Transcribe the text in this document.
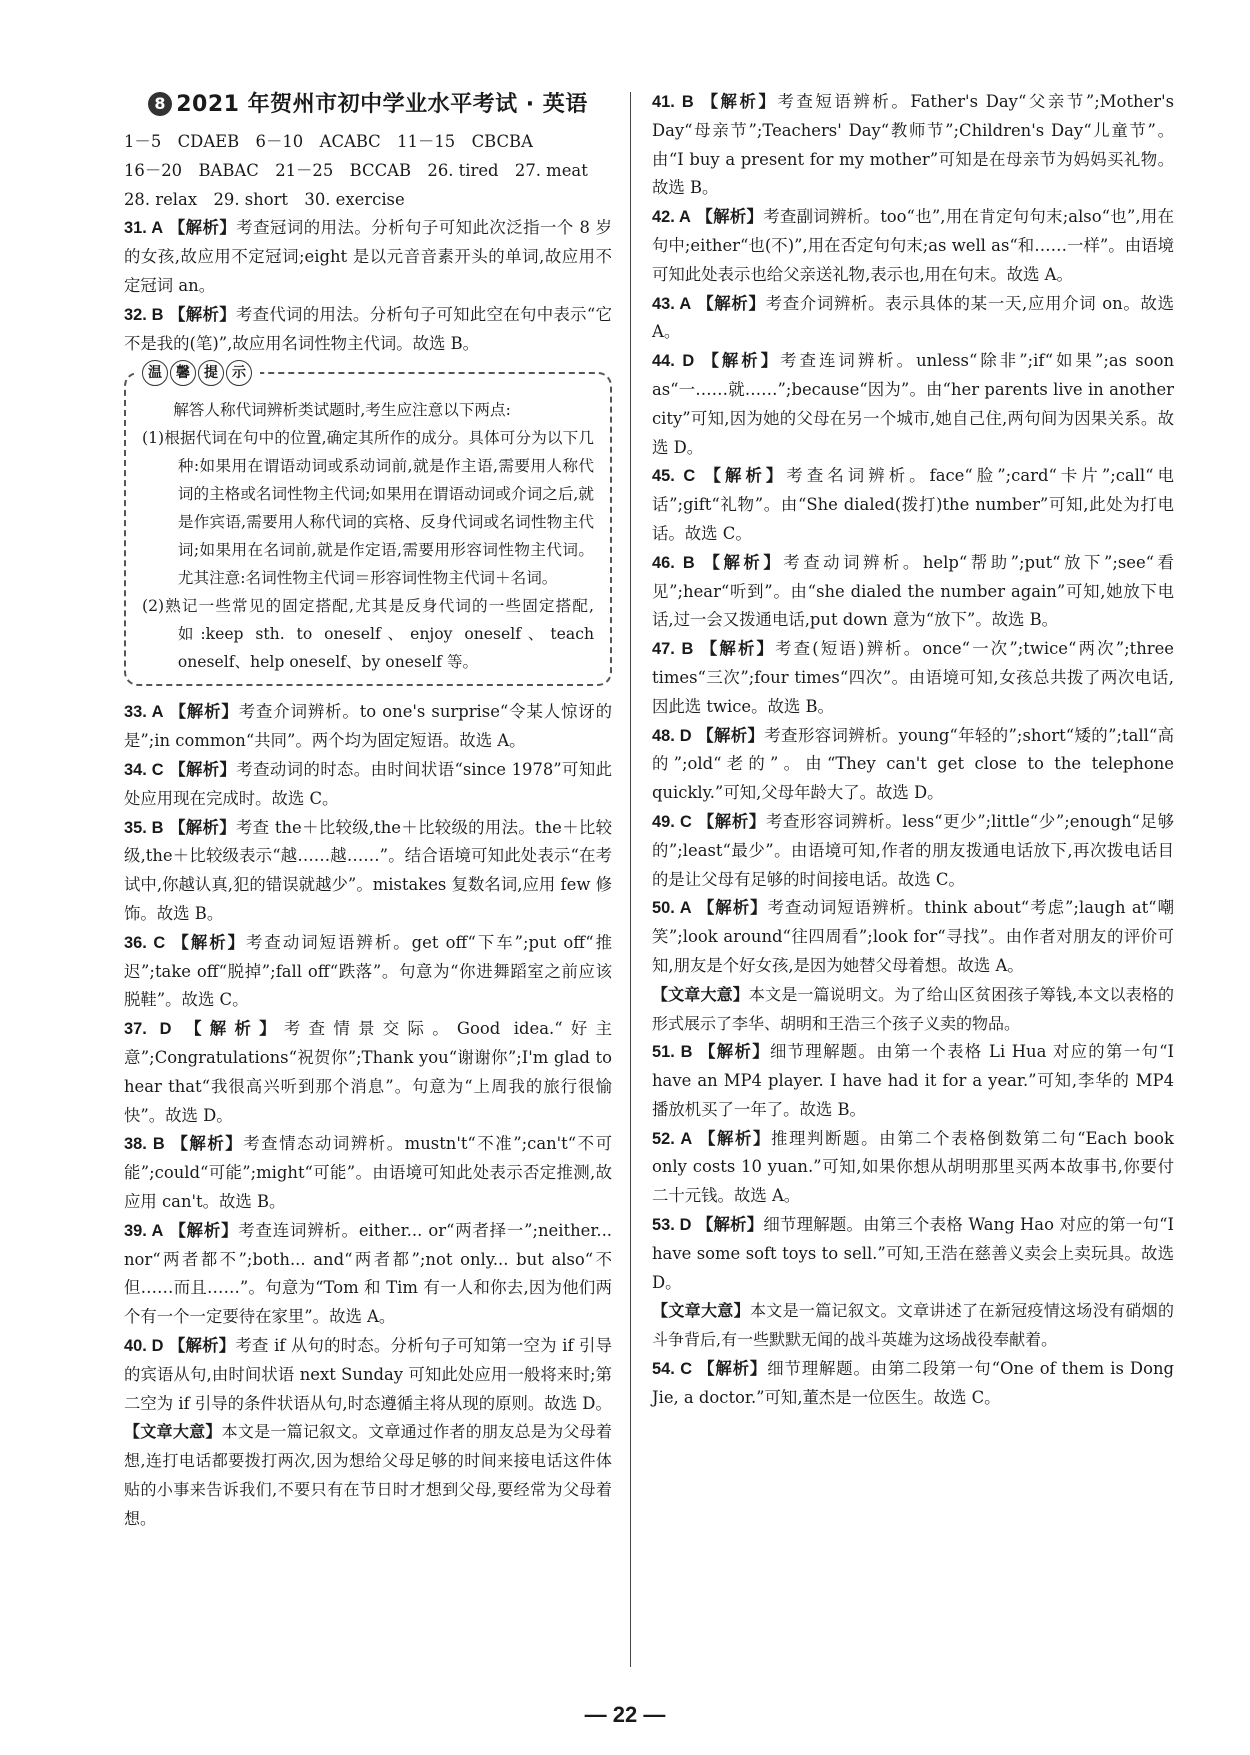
8 2021 年贺州市初中学业水平考试 · 英语

1－5　CDAEB　6－10　ACABC　11－15　CBCBA

16－20　BABAC　21－25　BCCAB　26. tired　27. meat

28. relax　29. short　30. exercise

31. A 【解析】考查冠词的用法。分析句子可知此次泛指一个 8 岁的女孩,故应用不定冠词;eight 是以元音音素开头的单词,故应用不定冠词 an。

32. B 【解析】考查代词的用法。分析句子可知此空在句中表示“它不是我的(笔)”,故应用名词性物主代词。故选 B。

温 馨 提 示

解答人称代词辨析类试题时,考生应注意以下两点:

(1)根据代词在句中的位置,确定其所作的成分。具体可分为以下几种:如果用在谓语动词或系动词前,就是作主语,需要用人称代词的主格或名词性物主代词;如果用在谓语动词或介词之后,就是作宾语,需要用人称代词的宾格、反身代词或名词性物主代词;如果用在名词前,就是作定语,需要用形容词性物主代词。尤其注意:名词性物主代词＝形容词性物主代词＋名词。

(2)熟记一些常见的固定搭配,尤其是反身代词的一些固定搭配,如:keep sth. to oneself、enjoy oneself、teach oneself、help oneself、by oneself 等。

33. A 【解析】考查介词辨析。to one's surprise“令某人惊讶的是”;in common“共同”。两个均为固定短语。故选 A。

34. C 【解析】考查动词的时态。由时间状语“since 1978”可知此处应用现在完成时。故选 C。

35. B 【解析】考查 the＋比较级,the＋比较级的用法。the＋比较级,the＋比较级表示“越……越……”。结合语境可知此处表示“在考试中,你越认真,犯的错误就越少”。mistakes 复数名词,应用 few 修饰。故选 B。

36. C 【解析】考查动词短语辨析。get off“下车”;put off“推迟”;take off“脱掉”;fall off“跌落”。句意为“你进舞蹈室之前应该脱鞋”。故选 C。

37. D 【解析】考查情景交际。Good idea.“好主意”;Congratulations“祝贺你”;Thank you“谢谢你”;I'm glad to hear that“我很高兴听到那个消息”。句意为“上周我的旅行很愉快”。故选 D。

38. B 【解析】考查情态动词辨析。mustn't“不准”;can't“不可能”;could“可能”;might“可能”。由语境可知此处表示否定推测,故应用 can't。故选 B。

39. A 【解析】考查连词辨析。either... or“两者择一”;neither... nor“两者都不”;both... and“两者都”;not only... but also“不但……而且……”。句意为“Tom 和 Tim 有一人和你去,因为他们两个有一个一定要待在家里”。故选 A。

40. D 【解析】考查 if 从句的时态。分析句子可知第一空为 if 引导的宾语从句,由时间状语 next Sunday 可知此处应用一般将来时;第二空为 if 引导的条件状语从句,时态遵循主将从现的原则。故选 D。

【文章大意】本文是一篇记叙文。文章通过作者的朋友总是为父母着想,连打电话都要拨打两次,因为想给父母足够的时间来接电话这件体贴的小事来告诉我们,不要只有在节日时才想到父母,要经常为父母着想。

41. B 【解析】考查短语辨析。Father's Day“父亲节”;Mother's Day“母亲节”;Teachers' Day“教师节”;Children's Day“儿童节”。由“I buy a present for my mother”可知是在母亲节为妈妈买礼物。故选 B。

42. A 【解析】考查副词辨析。too“也”,用在肯定句句末;also“也”,用在句中;either“也(不)”,用在否定句句末;as well as“和……一样”。由语境可知此处表示也给父亲送礼物,表示也,用在句末。故选 A。

43. A 【解析】考查介词辨析。表示具体的某一天,应用介词 on。故选 A。

44. D 【解析】考查连词辨析。unless“除非”;if“如果”;as soon as“一……就……”;because“因为”。由“her parents live in another city”可知,因为她的父母在另一个城市,她自己住,两句间为因果关系。故选 D。

45. C 【解析】考查名词辨析。face“脸”;card“卡片”;call“电话”;gift“礼物”。由“She dialed(拨打)the number”可知,此处为打电话。故选 C。

46. B 【解析】考查动词辨析。help“帮助”;put“放下”;see“看见”;hear“听到”。由“she dialed the number again”可知,她放下电话,过一会又拨通电话,put down 意为“放下”。故选 B。

47. B 【解析】考查(短语)辨析。once“一次”;twice“两次”;three times“三次”;four times“四次”。由语境可知,女孩总共拨了两次电话,因此选 twice。故选 B。

48. D 【解析】考查形容词辨析。young“年轻的”;short“矮的”;tall“高的”;old“老的”。由“They can't get close to the telephone quickly.”可知,父母年龄大了。故选 D。

49. C 【解析】考查形容词辨析。less“更少”;little“少”;enough“足够的”;least“最少”。由语境可知,作者的朋友拨通电话放下,再次拨电话目的是让父母有足够的时间接电话。故选 C。

50. A 【解析】考查动词短语辨析。think about“考虑”;laugh at“嘲笑”;look around“往四周看”;look for“寻找”。由作者对朋友的评价可知,朋友是个好女孩,是因为她替父母着想。故选 A。

【文章大意】本文是一篇说明文。为了给山区贫困孩子筹钱,本文以表格的形式展示了李华、胡明和王浩三个孩子义卖的物品。

51. B 【解析】细节理解题。由第一个表格 Li Hua 对应的第一句“I have an MP4 player. I have had it for a year.”可知,李华的 MP4 播放机买了一年了。故选 B。

52. A 【解析】推理判断题。由第二个表格倒数第二句“Each book only costs 10 yuan.”可知,如果你想从胡明那里买两本故事书,你要付二十元钱。故选 A。

53. D 【解析】细节理解题。由第三个表格 Wang Hao 对应的第一句“I have some soft toys to sell.”可知,王浩在慈善义卖会上卖玩具。故选 D。

【文章大意】本文是一篇记叙文。文章讲述了在新冠疫情这场没有硝烟的斗争背后,有一些默默无闻的战斗英雄为这场战役奉献着。

54. C 【解析】细节理解题。由第二段第一句“One of them is Dong Jie, a doctor.”可知,董杰是一位医生。故选 C。

— 22 —
